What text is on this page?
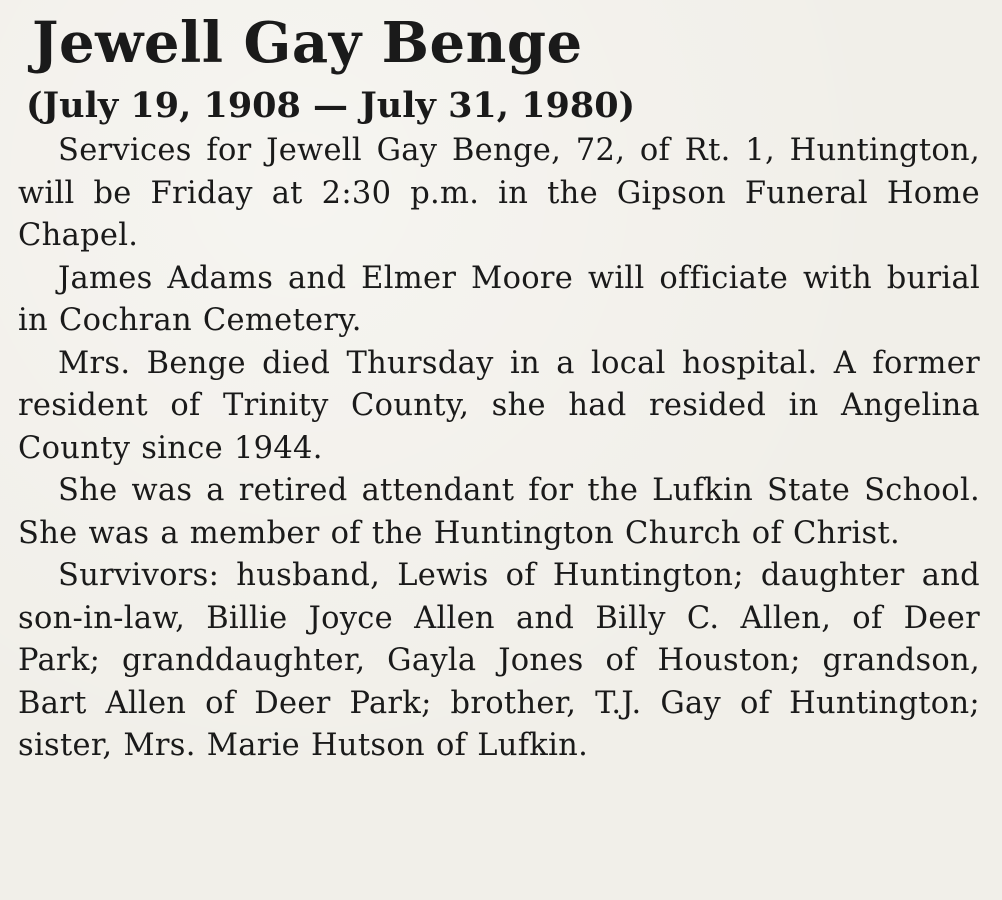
Jewell Gay Benge
(July 19, 1908 — July 31, 1980)

Services for Jewell Gay Benge, 72, of Rt. 1, Huntington, will be Friday at 2:30 p.m. in the Gipson Funeral Home Chapel.

James Adams and Elmer Moore will officiate with burial in Cochran Cemetery.

Mrs. Benge died Thursday in a local hospital. A former resident of Trinity County, she had resided in Angelina County since 1944.

She was a retired attendant for the Lufkin State School. She was a member of the Huntington Church of Christ.

Survivors: husband, Lewis of Huntington; daughter and son-in-law, Billie Joyce Allen and Billy C. Allen, of Deer Park; granddaughter, Gayla Jones of Houston; grandson, Bart Allen of Deer Park; brother, T.J. Gay of Huntington; sister, Mrs. Marie Hutson of Lufkin.
